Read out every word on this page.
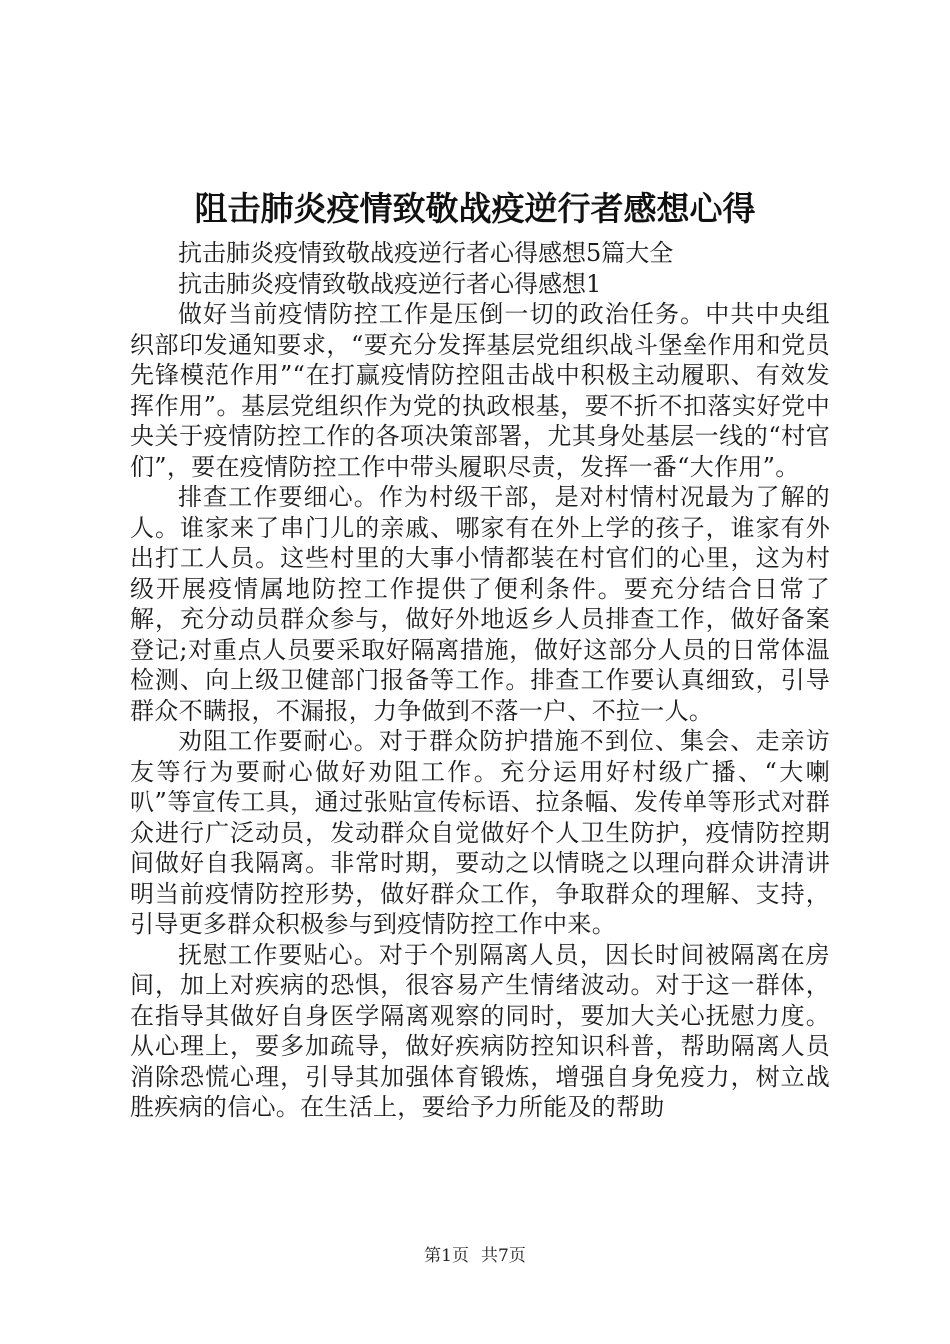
阻击肺炎疫情致敬战疫逆行者感想心得

抗击肺炎疫情致敬战疫逆行者心得感想5篇大全

抗击肺炎疫情致敬战疫逆行者心得感想1

做好当前疫情防控工作是压倒一切的政治任务。中共中央组织部印发通知要求，“要充分发挥基层党组织战斗堡垒作用和党员先锋模范作用”“在打赢疫情防控阻击战中积极主动履职、有效发挥作用”。基层党组织作为党的执政根基，要不折不扣落实好党中央关于疫情防控工作的各项决策部署，尤其身处基层一线的“村官们”，要在疫情防控工作中带头履职尽责，发挥一番“大作用”。

排查工作要细心。作为村级干部，是对村情村况最为了解的人。谁家来了串门儿的亲戚、哪家有在外上学的孩子，谁家有外出打工人员。这些村里的大事小情都装在村官们的心里，这为村级开展疫情属地防控工作提供了便利条件。要充分结合日常了解，充分动员群众参与，做好外地返乡人员排查工作，做好备案登记;对重点人员要采取好隔离措施，做好这部分人员的日常体温检测、向上级卫健部门报备等工作。排查工作要认真细致，引导群众不瞒报，不漏报，力争做到不落一户、不拉一人。

劝阻工作要耐心。对于群众防护措施不到位、集会、走亲访友等行为要耐心做好劝阻工作。充分运用好村级广播、“大喇叭”等宣传工具，通过张贴宣传标语、拉条幅、发传单等形式对群众进行广泛动员，发动群众自觉做好个人卫生防护，疫情防控期间做好自我隔离。非常时期，要动之以情晓之以理向群众讲清讲明当前疫情防控形势，做好群众工作，争取群众的理解、支持，引导更多群众积极参与到疫情防控工作中来。

抚慰工作要贴心。对于个别隔离人员，因长时间被隔离在房间，加上对疾病的恐惧，很容易产生情绪波动。对于这一群体，在指导其做好自身医学隔离观察的同时，要加大关心抚慰力度。从心理上，要多加疏导，做好疾病防控知识科普，帮助隔离人员消除恐慌心理，引导其加强体育锻炼，增强自身免疫力，树立战胜疾病的信心。在生活上，要给予力所能及的帮助

第1页 共7页
